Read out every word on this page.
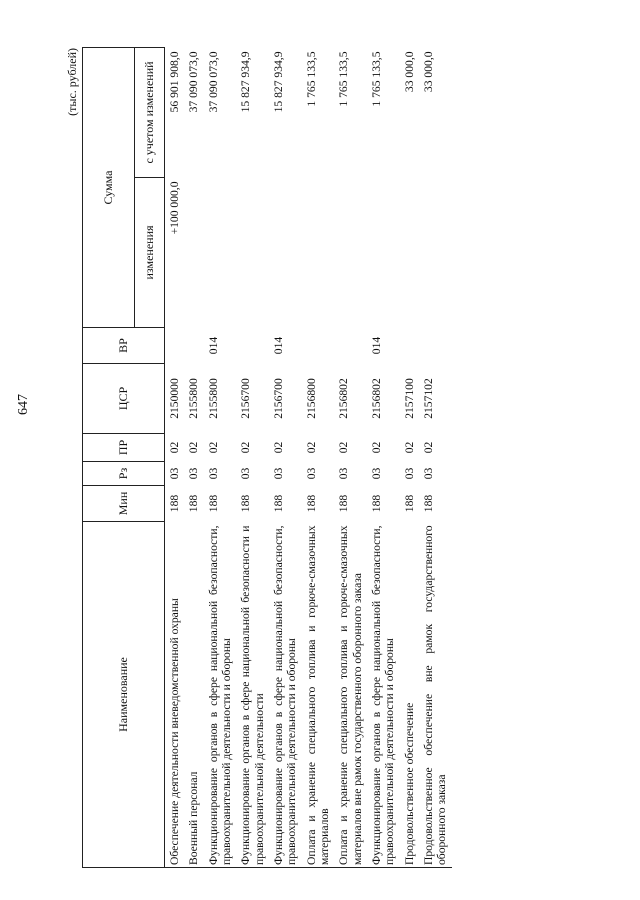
647
(тыс. рублей)
Наименование	Мин	Рз	ПР	ЦСР	ВР	Сумма	
						изменения	с учетом изменений
Обеспечение деятельности вневедомственной охраны	188	03	02	2150000		+100 000,0	56 901 908,0
Военный персонал	188	03	02	2155800			37 090 073,0
Функционирование органов в сфере национальной безопасности, правоохранительной деятельности и обороны	188	03	02	2155800	014		37 090 073,0
Функционирование органов в сфере национальной безопасности и правоохранительной деятельности	188	03	02	2156700			15 827 934,9
Функционирование органов в сфере национальной безопасности, правоохранительной деятельности и обороны	188	03	02	2156700	014		15 827 934,9
Оплата и хранение специального топлива и горюче-смазочных материалов	188	03	02	2156800			1 765 133,5
Оплата и хранение специального топлива и горюче-смазочных материалов вне рамок государственного оборонного заказа	188	03	02	2156802			1 765 133,5
Функционирование органов в сфере национальной безопасности, правоохранительной деятельности и обороны	188	03	02	2156802	014		1 765 133,5
Продовольственное обеспечение	188	03	02	2157100			33 000,0
Продовольственное обеспечение вне рамок государственного оборонного заказа	188	03	02	2157102			33 000,0
